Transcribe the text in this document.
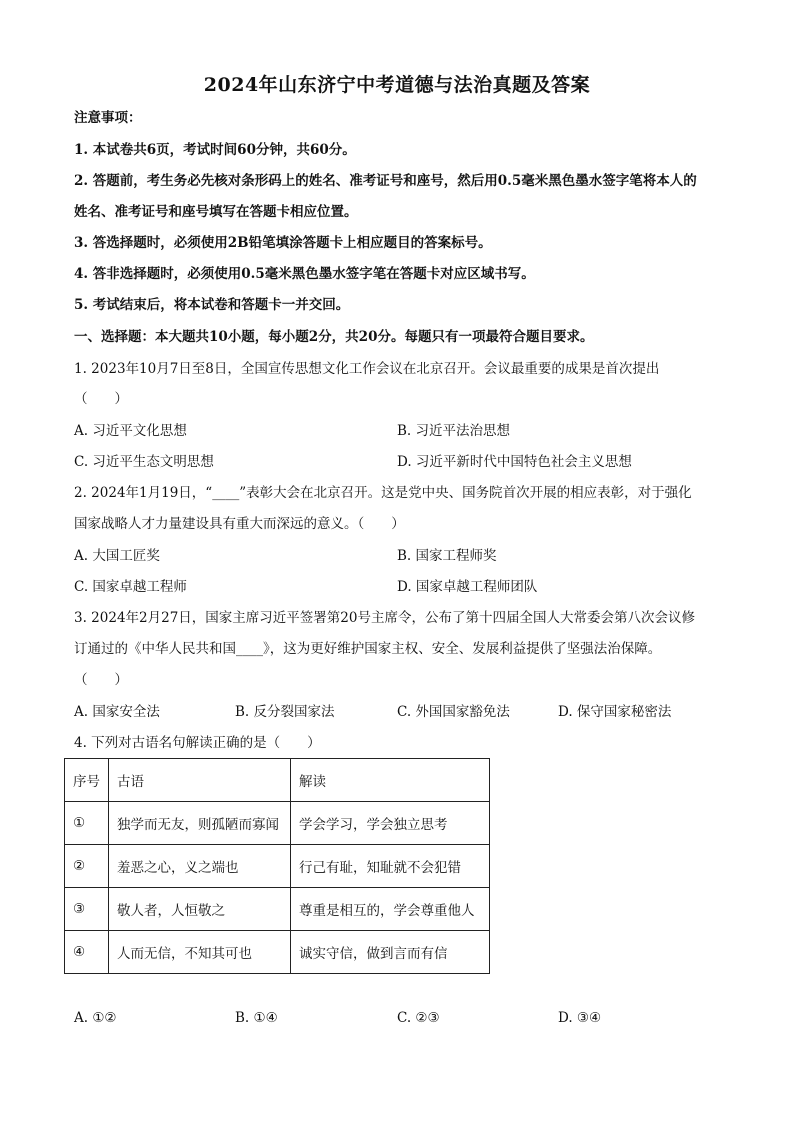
2024年山东济宁中考道德与法治真题及答案
注意事项：
1. 本试卷共6页，考试时间60分钟，共60分。
2. 答题前，考生务必先核对条形码上的姓名、准考证号和座号，然后用0.5毫米黑色墨水签字笔将本人的
姓名、准考证号和座号填写在答题卡相应位置。
3. 答选择题时，必须使用2B铅笔填涂答题卡上相应题目的答案标号。
4. 答非选择题时，必须使用0.5毫米黑色墨水签字笔在答题卡对应区域书写。
5. 考试结束后，将本试卷和答题卡一并交回。
一、选择题：本大题共10小题，每小题2分，共20分。每题只有一项最符合题目要求。
1. 2023年10月7日至8日，全国宣传思想文化工作会议在北京召开。会议最重要的成果是首次提出
（　　）
A. 习近平文化思想	B. 习近平法治思想
C. 习近平生态文明思想	D. 习近平新时代中国特色社会主义思想
2. 2024年1月19日，“____”表彰大会在北京召开。这是党中央、国务院首次开展的相应表彰，对于强化
国家战略人才力量建设具有重大而深远的意义。（　　）
A. 大国工匠奖	B. 国家工程师奖
C. 国家卓越工程师	D. 国家卓越工程师团队
3. 2024年2月27日，国家主席习近平签署第20号主席令，公布了第十四届全国人大常委会第八次会议修
订通过的《中华人民共和国____》，这为更好维护国家主权、安全、发展利益提供了坚强法治保障。
（　　）
A. 国家安全法	B. 反分裂国家法	C. 外国国家豁免法	D. 保守国家秘密法
4. 下列对古语名句解读正确的是（　　）
序号	古语	解读
①	独学而无友，则孤陋而寡闻	学会学习，学会独立思考
②	羞恶之心，义之端也	行己有耻，知耻就不会犯错
③	敬人者，人恒敬之	尊重是相互的，学会尊重他人
④	人而无信，不知其可也	诚实守信，做到言而有信
A. ①②	B. ①④	C. ②③	D. ③④
